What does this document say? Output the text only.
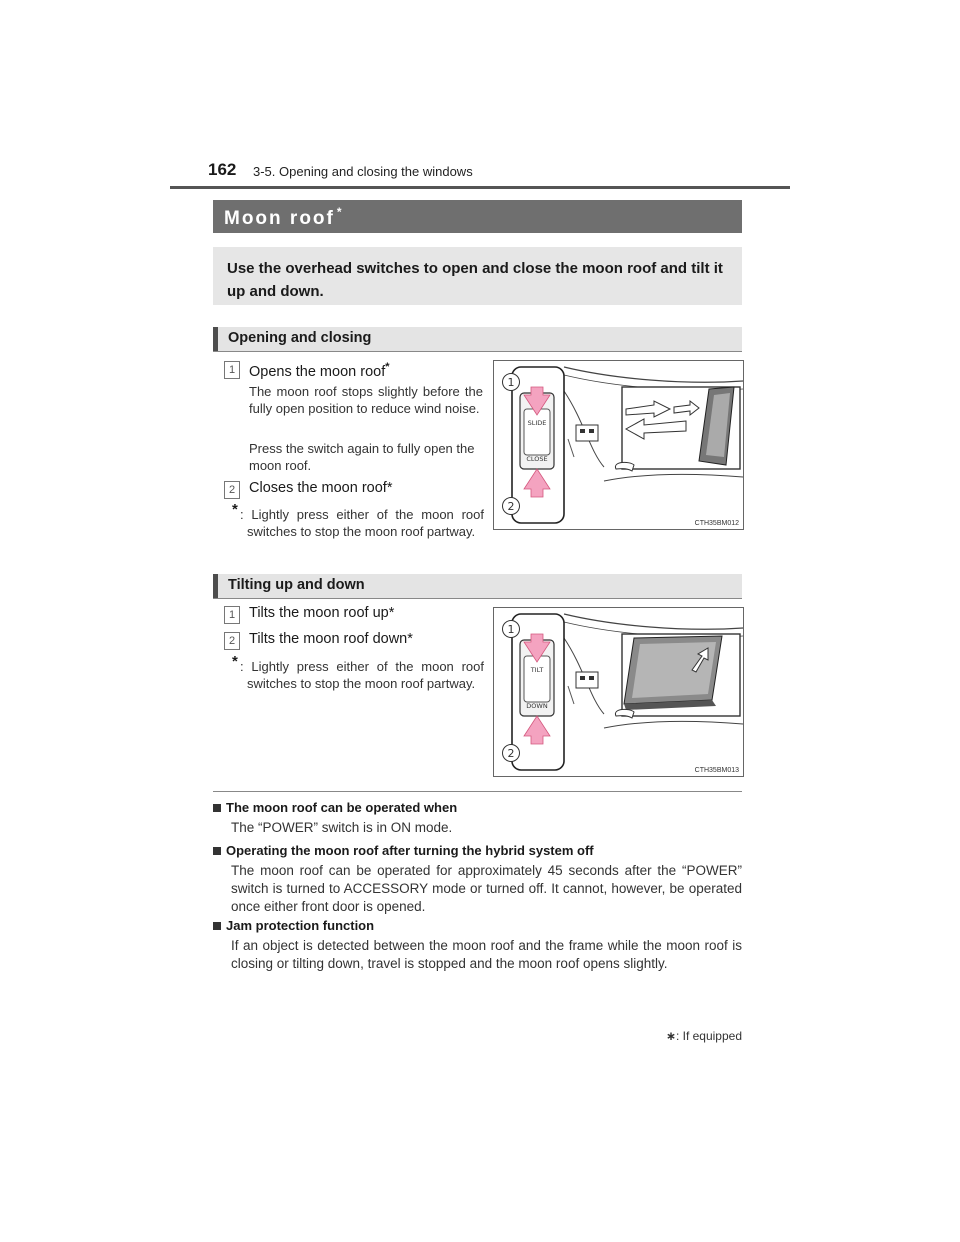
162 3-5. Opening and closing the windows
Moon roof *
Use the overhead switches to open and close the moon roof and tilt it up and down.
Opening and closing
1 Opens the moon roof*
The moon roof stops slightly before the fully open position to reduce wind noise.
Press the switch again to fully open the moon roof.
2 Closes the moon roof*
* : Lightly press either of the moon roof switches to stop the moon roof partway.
SLIDE
CLOSE
1
2
CTH35BM012
Tilting up and down
1 Tilts the moon roof up*
2 Tilts the moon roof down*
* : Lightly press either of the moon roof switches to stop the moon roof partway.
TILT
DOWN
1
2
CTH35BM013
The moon roof can be operated when
The “POWER” switch is in ON mode.
Operating the moon roof after turning the hybrid system off
The moon roof can be operated for approximately 45 seconds after the “POWER” switch is turned to ACCESSORY mode or turned off. It cannot, however, be operated once either front door is opened.
Jam protection function
If an object is detected between the moon roof and the frame while the moon roof is closing or tilting down, travel is stopped and the moon roof opens slightly.
∗: If equipped
